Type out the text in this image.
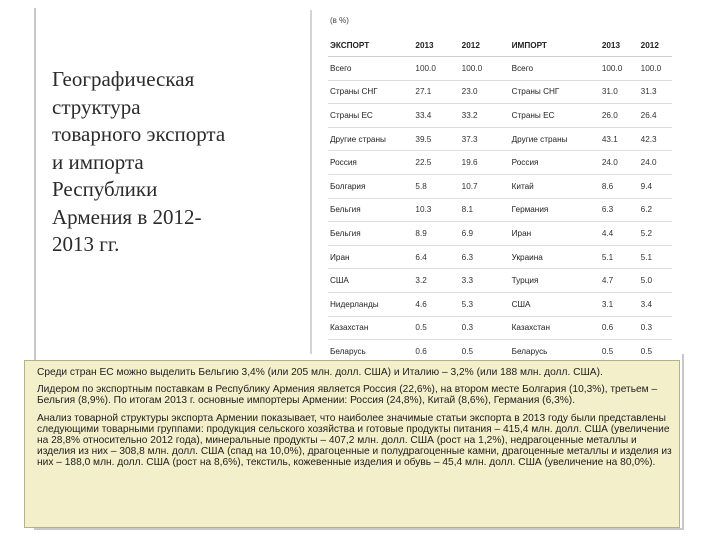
Географическая
структура
товарного экспорта
и импорта
Республики
Армения в 2012-
2013 гг.
(в %)
ЭКСПОРТ	2013	2012	ИМПОРТ	2013	2012
Всего	100.0	100.0	Всего	100.0	100.0
Страны СНГ	27.1	23.0	Страны СНГ	31.0	31.3
Страны ЕС	33.4	33.2	Страны ЕС	26.0	26.4
Другие страны	39.5	37.3	Другие страны	43.1	42.3
Россия	22.5	19.6	Россия	24.0	24.0
Болгария	5.8	10.7	Китай	8.6	9.4
Бельгия	10.3	8.1	Германия	6.3	6.2
Бельгия	8.9	6.9	Иран	4.4	5.2
Иран	6.4	6.3	Украина	5.1	5.1
США	3.2	3.3	Турция	4.7	5.0
Нидерланды	4.6	5.3	США	3.1	3.4
Казахстан	0.5	0.3	Казахстан	0.6	0.3
Беларусь	0.6	0.5	Беларусь	0.5	0.5

Среди стран ЕС можно выделить Бельгию 3,4% (или 205 млн. долл. США) и Италию – 3,2% (или 188 млн. долл. США).

Лидером по экспортным поставкам в Республику Армения является Россия (22,6%), на втором месте Болгария (10,3%), третьем – Бельгия (8,9%). По итогам 2013 г. основные импортеры Армении: Россия (24,8%), Китай (8,6%), Германия (6,3%).

Анализ товарной структуры экспорта Армении показывает, что наиболее значимые статьи экспорта в 2013 году были представлены следующими товарными группами: продукция сельского хозяйства и готовые продукты питания – 415,4 млн. долл. США (увеличение на 28,8% относительно 2012 года), минеральные продукты – 407,2 млн. долл. США (рост на 1,2%), недрагоценные металлы и изделия из них – 308,8 млн. долл. США (спад на 10,0%), драгоценные и полудрагоценные камни, драгоценные металлы и изделия из них – 188,0 млн. долл. США (рост на 8,6%), текстиль, кожевенные изделия и обувь – 45,4 млн. долл. США (увеличение на 80,0%).
